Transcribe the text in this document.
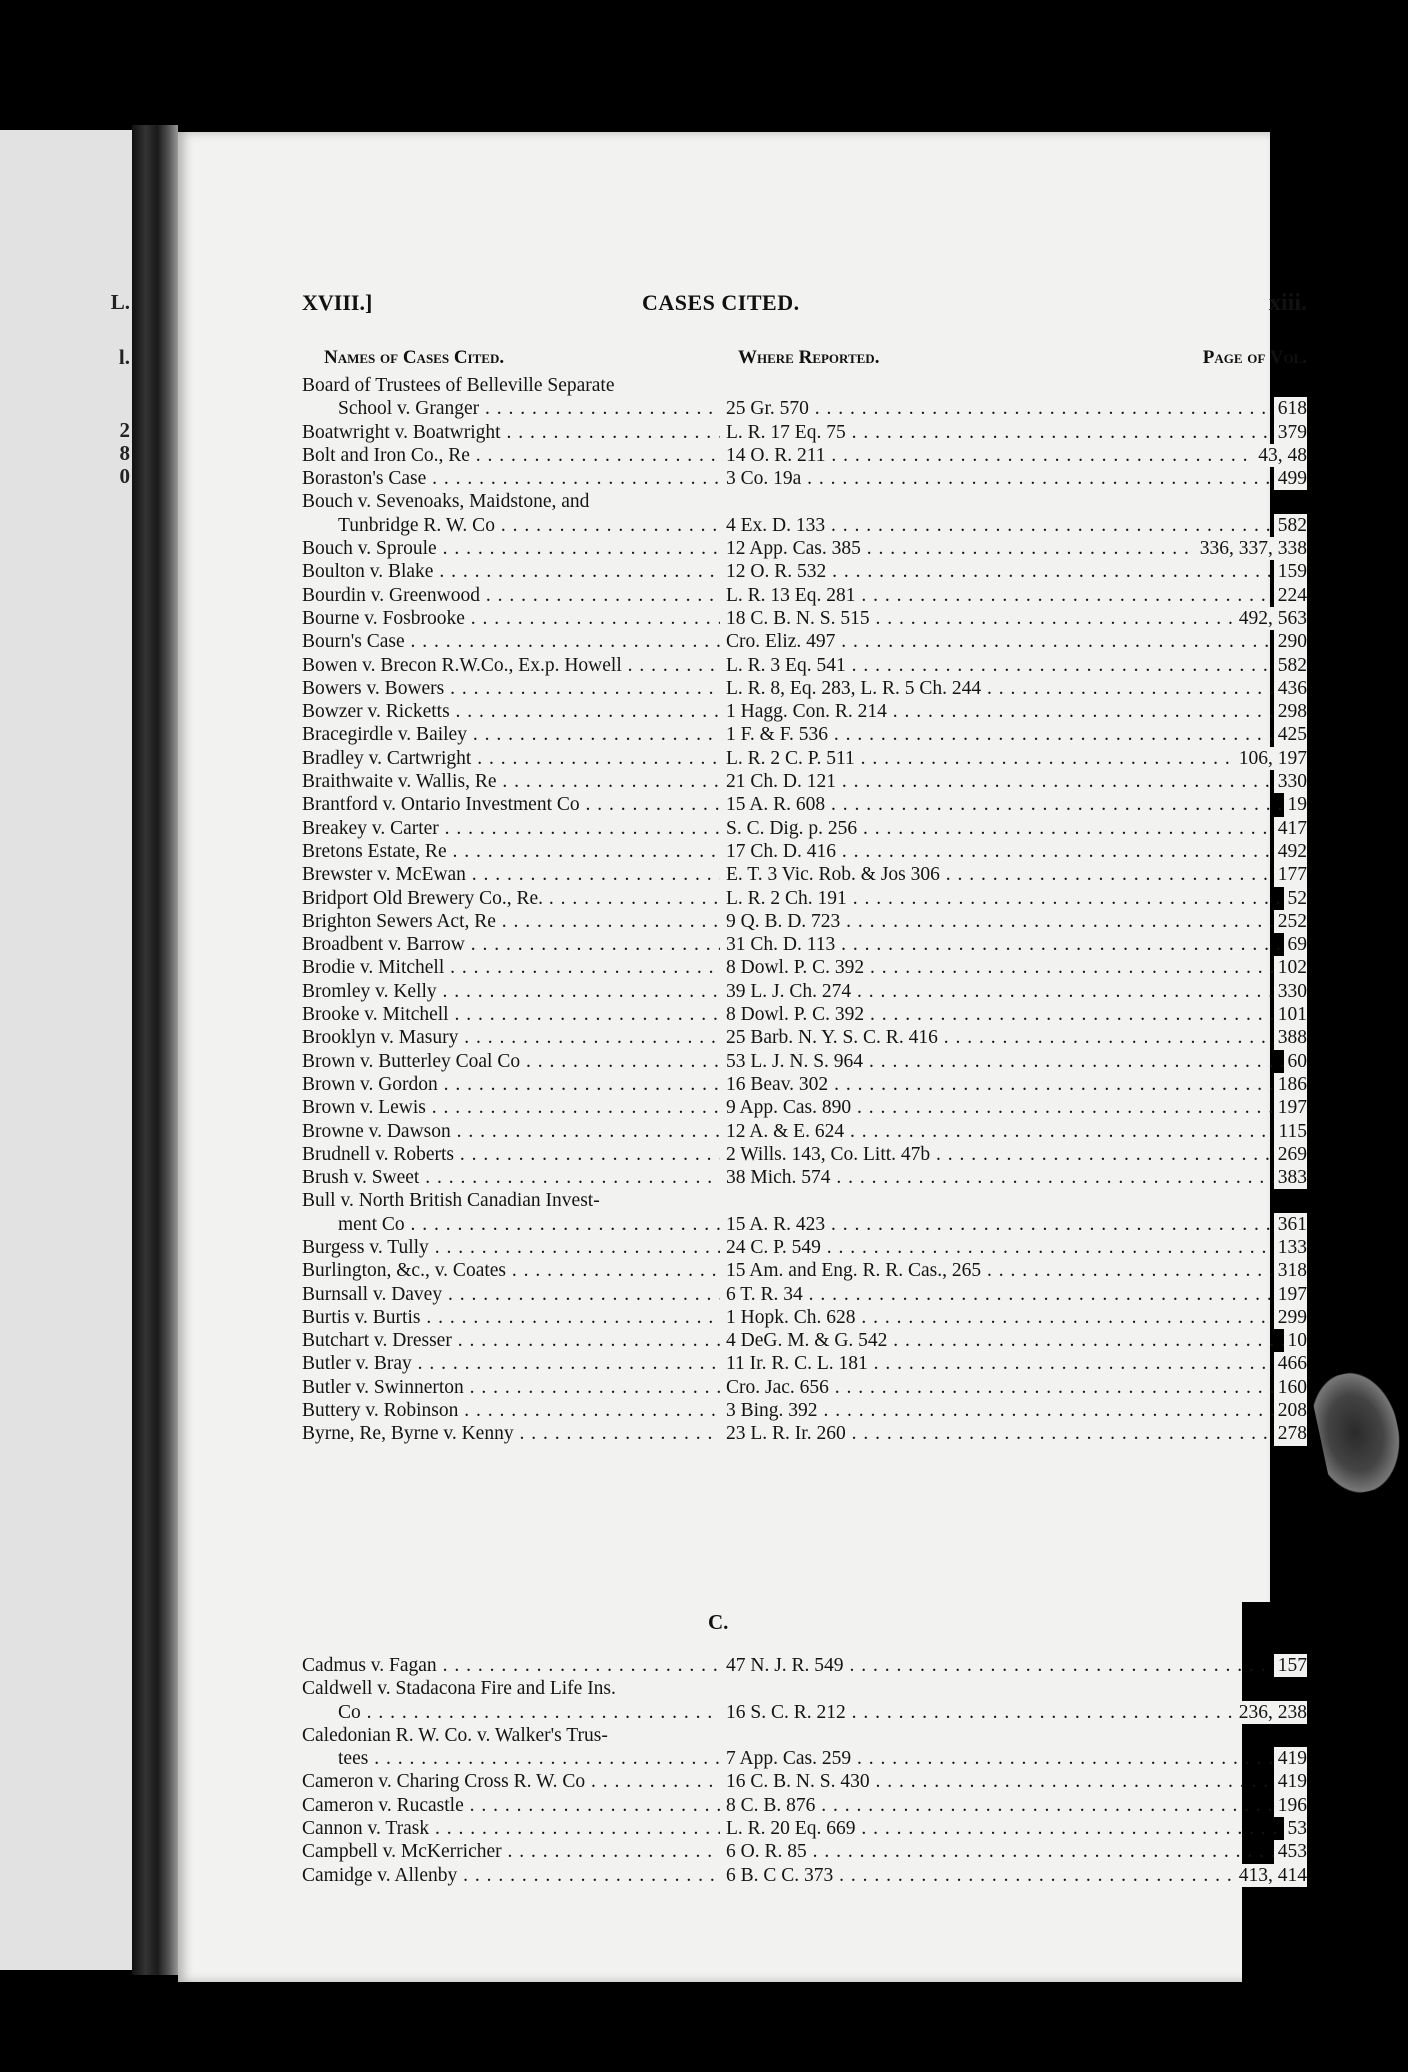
L.
l.
2
8
0
XVIII.]	CASES CITED.	xiii.
Names of Cases Cited.	Where Reported.	Page of Vol.
Board of Trustees of Belleville Separate
School v. Granger . . .	25 Gr. 570 . . .	618
Boatwright v. Boatwright . . .	L. R. 17 Eq. 75 . . .	379
Bolt and Iron Co., Re . . .	14 O. R. 211 . . .	43, 48
Boraston's Case . . .	3 Co. 19a . . .	499
Bouch v. Sevenoaks, Maidstone, and
Tunbridge R. W. Co . . .	4 Ex. D. 133 . . .	582
Bouch v. Sproule . . .	12 App. Cas. 385 . . .	336, 337, 338
Boulton v. Blake . . .	12 O. R. 532 . . .	159
Bourdin v. Greenwood . . .	L. R. 13 Eq. 281 . . .	224
Bourne v. Fosbrooke . . .	18 C. B. N. S. 515 . . .	492, 563
Bourn's Case . . .	Cro. Eliz. 497 . . .	290
Bowen v. Brecon R.W.Co., Ex.p. Howell . . .	L. R. 3 Eq. 541 . . .	582
Bowers v. Bowers . . .	L. R. 8, Eq. 283, L. R. 5 Ch. 244 . . .	436
Bowzer v. Ricketts . . .	1 Hagg. Con. R. 214 . . .	298
Bracegirdle v. Bailey . . .	1 F. & F. 536 . . .	425
Bradley v. Cartwright . . .	L. R. 2 C. P. 511 . . .	106, 197
Braithwaite v. Wallis, Re . . .	21 Ch. D. 121 . . .	330
Brantford v. Ontario Investment Co . . .	15 A. R. 608 . . .	19
Breakey v. Carter . . .	S. C. Dig. p. 256 . . .	417
Bretons Estate, Re . . .	17 Ch. D. 416 . . .	492
Brewster v. McEwan . . .	E. T. 3 Vic. Rob. & Jos 306 . . .	177
Bridport Old Brewery Co., Re. . . .	L. R. 2 Ch. 191 . . .	52
Brighton Sewers Act, Re . . .	9 Q. B. D. 723 . . .	252
Broadbent v. Barrow . . .	31 Ch. D. 113 . . .	69
Brodie v. Mitchell . . .	8 Dowl. P. C. 392 . . .	102
Bromley v. Kelly . . .	39 L. J. Ch. 274 . . .	330
Brooke v. Mitchell . . .	8 Dowl. P. C. 392 . . .	101
Brooklyn v. Masury . . .	25 Barb. N. Y. S. C. R. 416 . . .	388
Brown v. Butterley Coal Co . . .	53 L. J. N. S. 964 . . .	60
Brown v. Gordon . . .	16 Beav. 302 . . .	186
Brown v. Lewis . . .	9 App. Cas. 890 . . .	197
Browne v. Dawson . . .	12 A. & E. 624 . . .	115
Brudnell v. Roberts . . .	2 Wills. 143, Co. Litt. 47b . . .	269
Brush v. Sweet . . .	38 Mich. 574 . . .	383
Bull v. North British Canadian Invest-
ment Co . . .	15 A. R. 423 . . .	361
Burgess v. Tully . . .	24 C. P. 549 . . .	133
Burlington, &c., v. Coates . . .	15 Am. and Eng. R. R. Cas., 265 . . .	318
Burnsall v. Davey . . .	6 T. R. 34 . . .	197
Burtis v. Burtis . . .	1 Hopk. Ch. 628 . . .	299
Butchart v. Dresser . . .	4 DeG. M. & G. 542 . . .	10
Butler v. Bray . . .	11 Ir. R. C. L. 181 . . .	466
Butler v. Swinnerton . . .	Cro. Jac. 656 . . .	160
Buttery v. Robinson . . .	3 Bing. 392 . . .	208
Byrne, Re, Byrne v. Kenny . . .	23 L. R. Ir. 260 . . .	278
C.
Cadmus v. Fagan . . .	47 N. J. R. 549 . . .	157
Caldwell v. Stadacona Fire and Life Ins.
Co . . .	16 S. C. R. 212 . . .	236, 238
Caledonian R. W. Co. v. Walker's Trus-
tees . . .	7 App. Cas. 259 . . .	419
Cameron v. Charing Cross R. W. Co . . .	16 C. B. N. S. 430 . . .	419
Cameron v. Rucastle . . .	8 C. B. 876 . . .	196
Cannon v. Trask . . .	L. R. 20 Eq. 669 . . .	53
Campbell v. McKerricher . . .	6 O. R. 85 . . .	453
Camidge v. Allenby . . .	6 B. C C. 373 . . .	413, 414
